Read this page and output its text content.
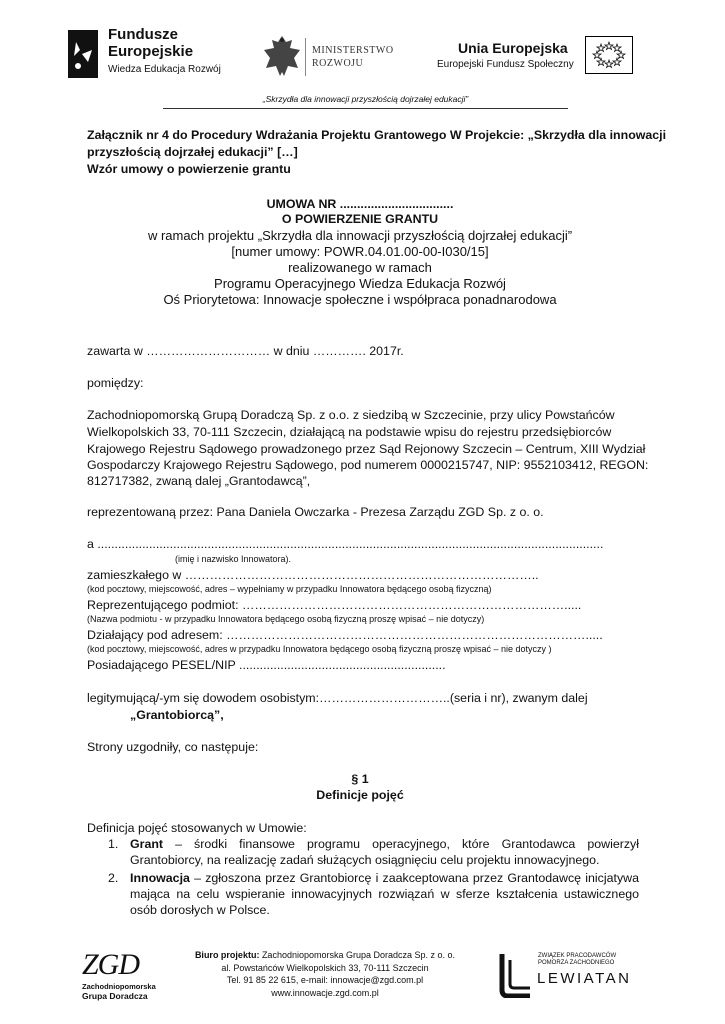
Fundusze
Europejskie
Wiedza Edukacja Rozwój
MINISTERSTWO
ROZWOJU
Unia Europejska
Europejski Fundusz Społeczny
„Skrzydła dla innowacji przyszłością dojrzałej edukacji”
Załącznik nr 4 do Procedury Wdrażania Projektu Grantowego W Projekcie: „Skrzydła dla innowacji
przyszłością dojrzałej edukacji” […]
Wzór umowy o powierzenie grantu
UMOWA NR .................................
O POWIERZENIE GRANTU
w ramach projektu „Skrzydła dla innowacji przyszłością dojrzałej edukacji”
[numer umowy: POWR.04.01.00-00-I030/15]
realizowanego w ramach
Programu Operacyjnego Wiedza Edukacja Rozwój
Oś Priorytetowa: Innowacje społeczne i współpraca ponadnarodowa
zawarta w ………………………… w dniu …………. 2017r.
pomiędzy:
Zachodniopomorską Grupą Doradczą Sp. z o.o. z siedzibą w Szczecinie, przy ulicy Powstańców
Wielkopolskich 33, 70-111 Szczecin, działającą na podstawie wpisu do rejestru przedsiębiorców
Krajowego Rejestru Sądowego prowadzonego przez Sąd Rejonowy Szczecin – Centrum, XIII Wydział
Gospodarczy Krajowego Rejestru Sądowego, pod numerem 0000215747, NIP: 9552103412, REGON:
812717382, zwaną dalej „Grantodawcą”,
reprezentowaną przez: Pana Daniela Owczarka - Prezesa Zarządu ZGD Sp. z o. o.
a ...................................................................................................................................................
(imię i nazwisko Innowatora).
zamieszkałego w …………………………………………………………………………..
(kod pocztowy, miejscowość, adres – wypełniamy w przypadku Innowatora będącego osobą fizyczną)
Reprezentującego podmiot: …………………………………………………………………….....
(Nazwa podmiotu - w przypadku Innowatora będącego osobą fizyczną proszę wpisać – nie dotyczy)
Działający pod adresem: …………………………………………………………………………….....
(kod pocztowy, miejscowość, adres w przypadku Innowatora będącego osobą fizyczną proszę wpisać – nie dotyczy )
Posiadającego PESEL/NIP ............................................................
legitymującą/-ym się dowodem osobistym:…………………………..(seria i nr), zwanym dalej
„Grantobiorcą”,
Strony uzgodniły, co następuje:
§ 1
Definicje pojęć
Definicja pojęć stosowanych w Umowie:
1. Grant – środki finansowe programu operacyjnego, które Grantodawca powierzył Grantobiorcy, na realizację zadań służących osiągnięciu celu projektu innowacyjnego.
2. Innowacja – zgłoszona przez Grantobiorcę i zaakceptowana przez Grantodawcę inicjatywa mająca na celu wspieranie innowacyjnych rozwiązań w sferze kształcenia ustawicznego osób dorosłych w Polsce.
ZGD
Zachodniopomorska
Grupa Doradcza
Biuro projektu: Zachodniopomorska Grupa Doradcza Sp. z o. o.
al. Powstańców Wielkopolskich 33, 70-111 Szczecin
Tel. 91 85 22 615, e-mail: innowacje@zgd.com.pl
www.innowacje.zgd.com.pl
ZWIĄZEK PRACODAWCÓW
POMORZA ZACHODNIEGO
LEWIATAN
